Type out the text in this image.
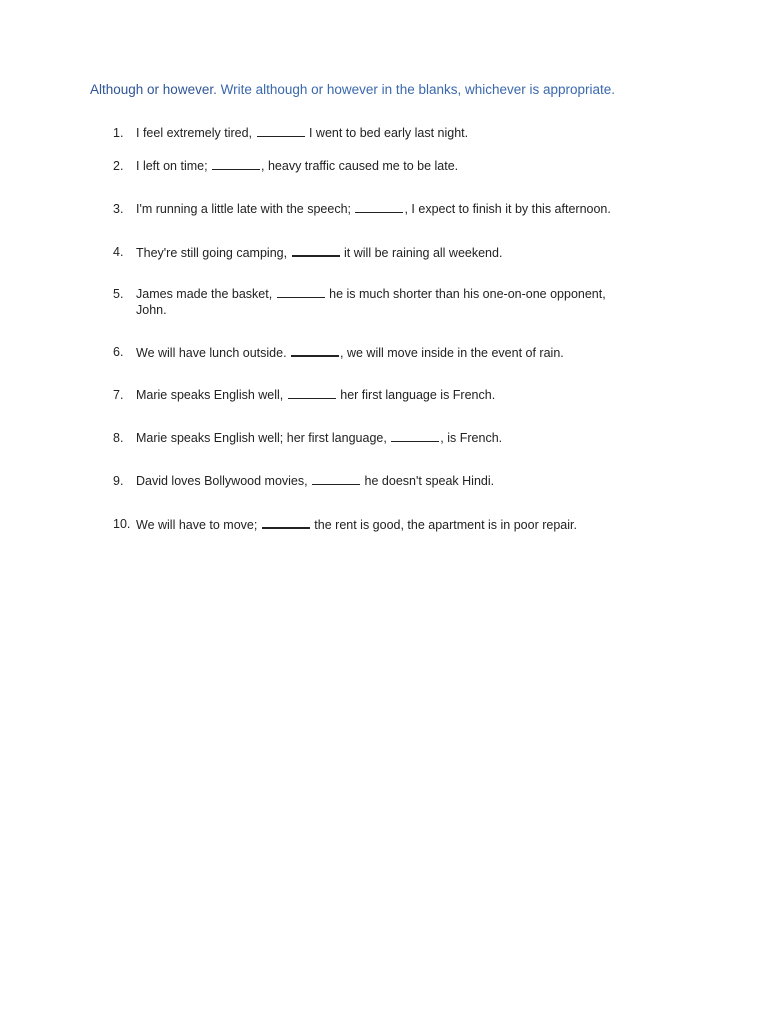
Although or however. Write although or however in the blanks, whichever is appropriate.
1.	I feel extremely tired,	I went to bed early last night.
2.	I left on time;	, heavy traffic caused me to be late.
3.	I'm running a little late with the speech;	, I expect to finish it by this afternoon.
4.	They're still going camping,	it will be raining all weekend.
5.	James made the basket,	he is much shorter than his one-on-one opponent,
John.
6.	We will have lunch outside.	, we will move inside in the event of rain.
7.	Marie speaks English well,	her first language is French.
8.	Marie speaks English well; her first language,	, is French.
9.	David loves Bollywood movies,	he doesn't speak Hindi.
10. We will have to move;	the rent is good, the apartment is in poor repair.
